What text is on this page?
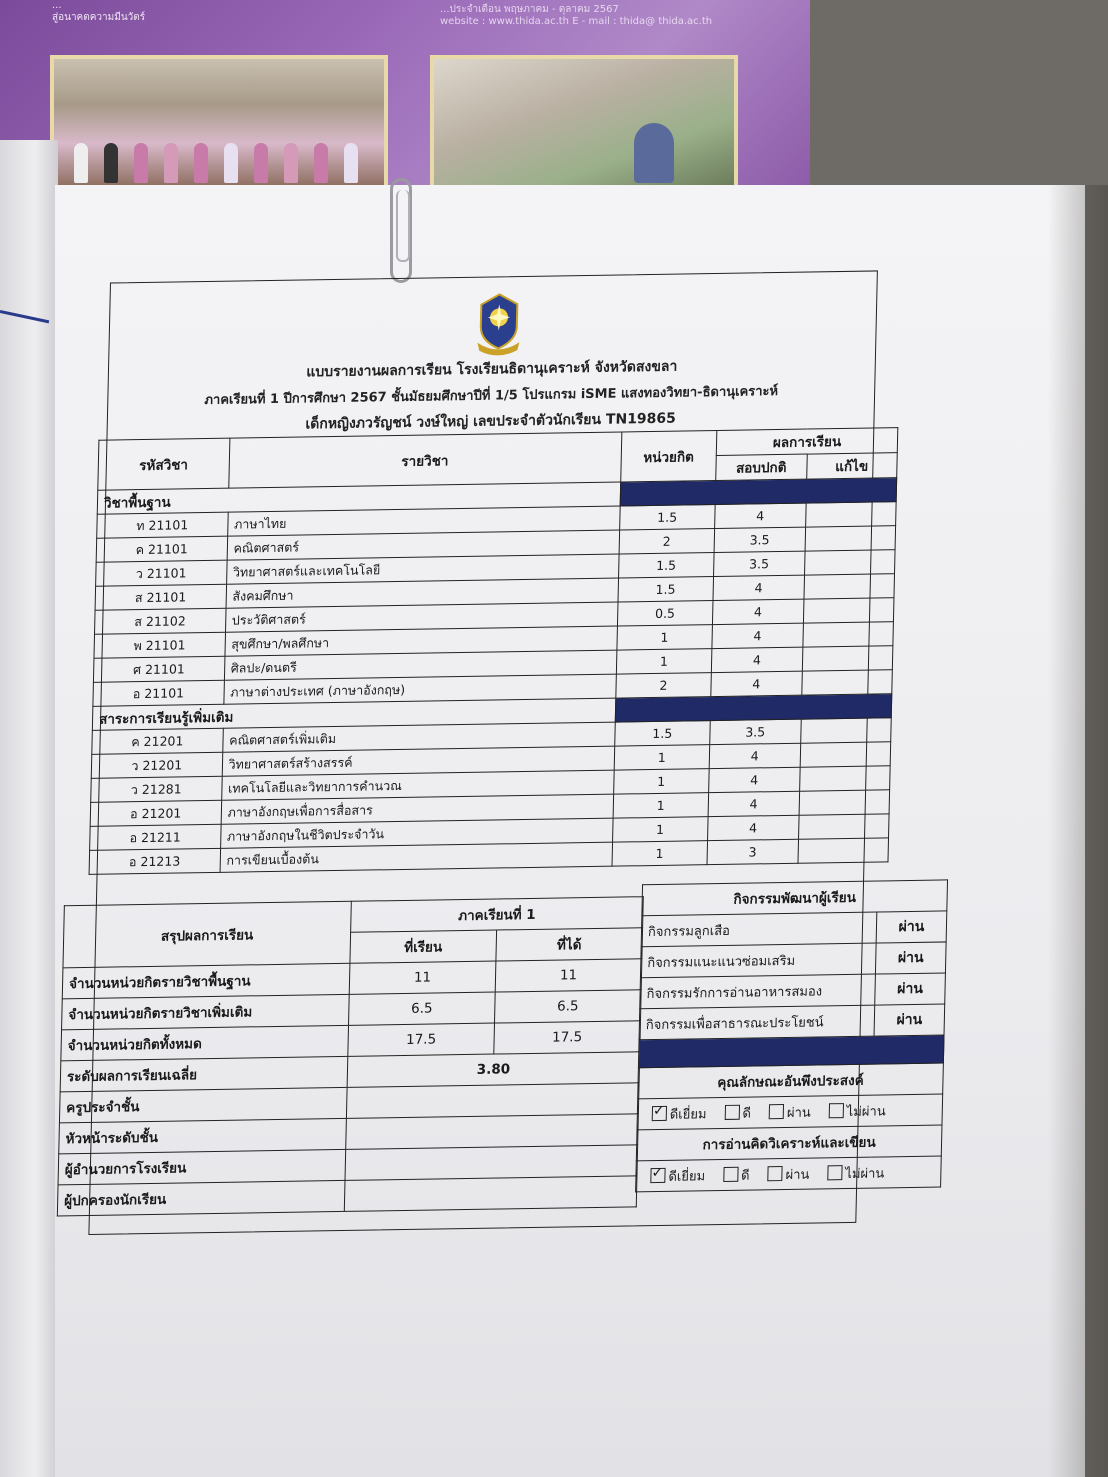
...
สู่อนาคตความมีนวัตร์
...ประจำเดือน พฤษภาคม - ตุลาคม 2567
website : www.thida.ac.th E - mail : thida@ thida.ac.th
แบบรายงานผลการเรียน โรงเรียนธิดานุเคราะห์ จังหวัดสงขลา
ภาคเรียนที่ 1 ปีการศึกษา 2567 ชั้นมัธยมศึกษาปีที่ 1/5 โปรแกรม iSME แสงทองวิทยา-ธิดานุเคราะห์
เด็กหญิงภวรัญชน์ วงษ์ใหญ่ เลขประจำตัวนักเรียน TN19865
รหัสวิชา	รายวิชา	หน่วยกิต	ผลการเรียน	
			สอบปกติ	แก้ไข
วิชาพื้นฐาน				
ท 21101	ภาษาไทย	1.5	4	
ค 21101	คณิตศาสตร์	2	3.5	
ว 21101	วิทยาศาสตร์และเทคโนโลยี	1.5	3.5	
ส 21101	สังคมศึกษา	1.5	4	
ส 21102	ประวัติศาสตร์	0.5	4	
พ 21101	สุขศึกษา/พลศึกษา	1	4	
ศ 21101	ศิลปะ/ดนตรี	1	4	
อ 21101	ภาษาต่างประเทศ (ภาษาอังกฤษ)	2	4	
สาระการเรียนรู้เพิ่มเติม				
ค 21201	คณิตศาสตร์เพิ่มเติม	1.5	3.5	
ว 21201	วิทยาศาสตร์สร้างสรรค์	1	4	
ว 21281	เทคโนโลยีและวิทยาการคำนวณ	1	4	
อ 21201	ภาษาอังกฤษเพื่อการสื่อสาร	1	4	
อ 21211	ภาษาอังกฤษในชีวิตประจำวัน	1	4	
อ 21213	การเขียนเบื้องต้น	1	3	
สรุปผลการเรียน	ภาคเรียนที่ 1	
	ที่เรียน	ที่ได้
จำนวนหน่วยกิตรายวิชาพื้นฐาน	11	11
จำนวนหน่วยกิตรายวิชาเพิ่มเติม	6.5	6.5
จำนวนหน่วยกิตทั้งหมด	17.5	17.5
ระดับผลการเรียนเฉลี่ย	3.80	
ครูประจำชั้น		
หัวหน้าระดับชั้น		
ผู้อำนวยการโรงเรียน		
ผู้ปกครองนักเรียน		
กิจกรรมพัฒนาผู้เรียน	
กิจกรรมลูกเสือ	ผ่าน
กิจกรรมแนะแนวซ่อมเสริม	ผ่าน
กิจกรรมรักการอ่านอาหารสมอง	ผ่าน
กิจกรรมเพื่อสาธารณะประโยชน์	ผ่าน

คุณลักษณะอันพึงประสงค์	
✓ดีเยี่ยม ดี ผ่าน ไม่ผ่าน
การอ่านคิดวิเคราะห์และเขียน	
✓ดีเยี่ยม ดี ผ่าน ไม่ผ่าน
